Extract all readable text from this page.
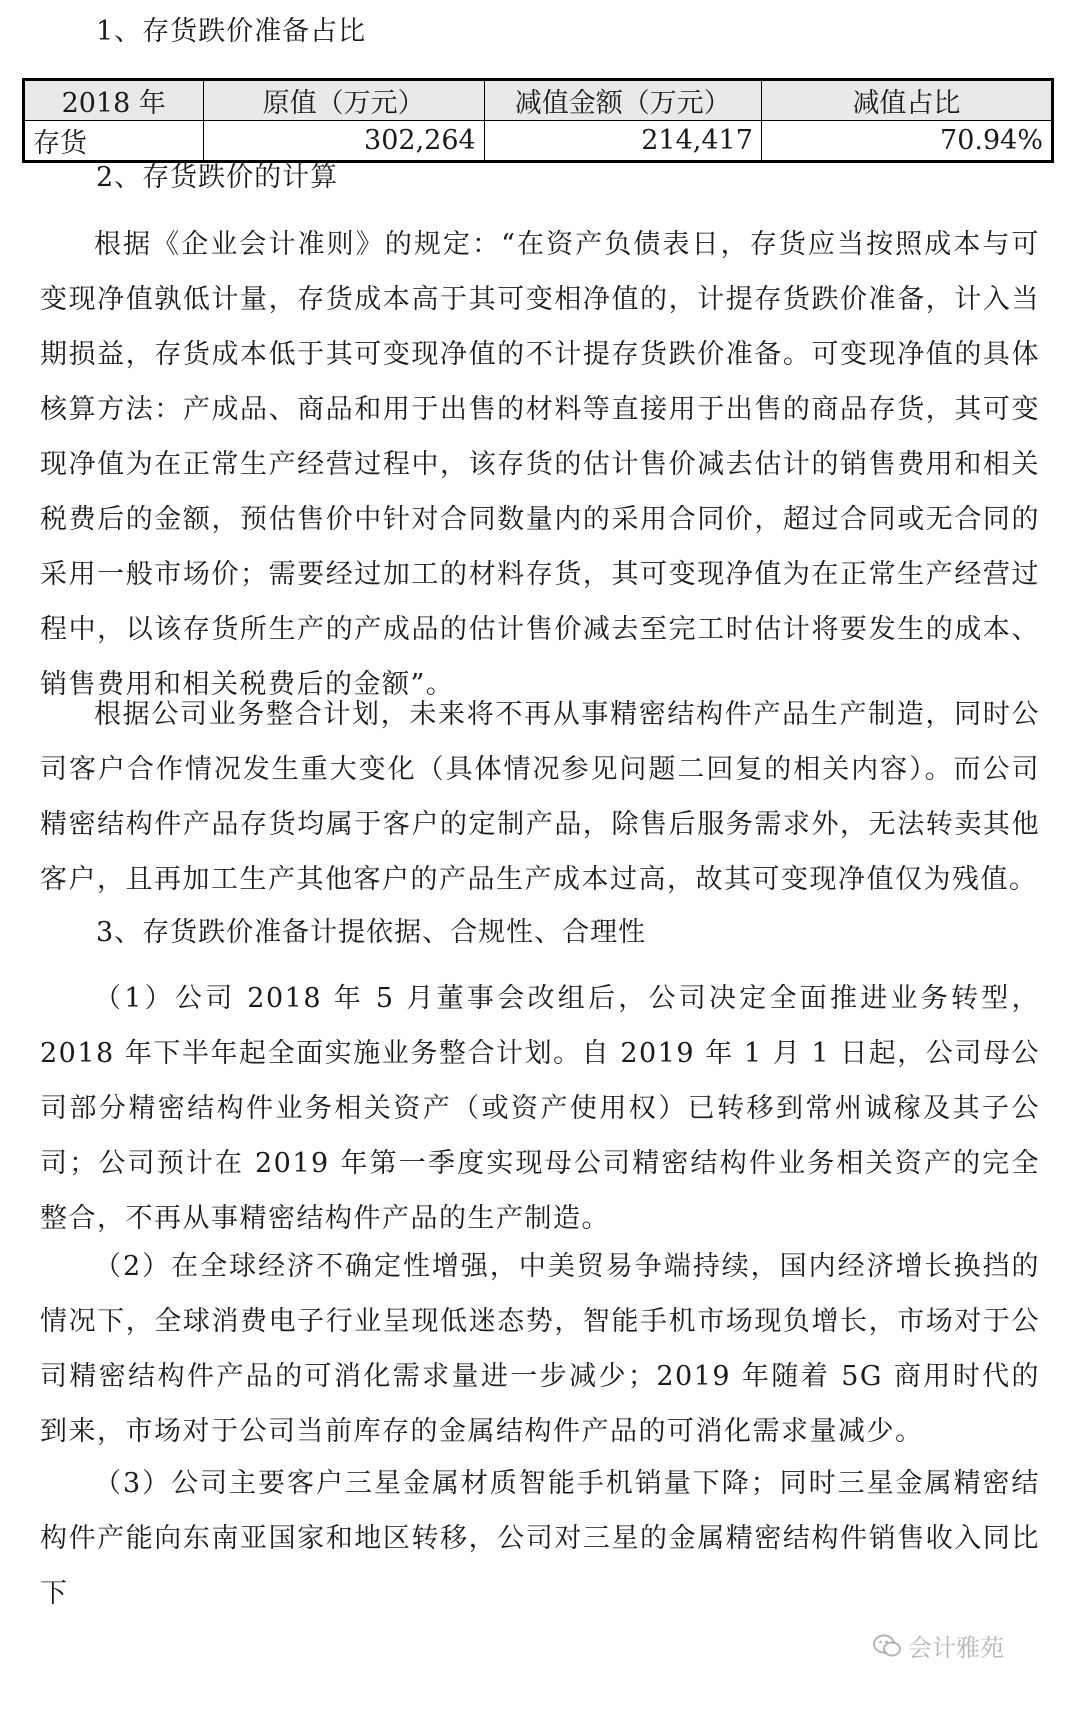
1、存货跌价准备占比
2018 年	原值（万元）	减值金额（万元）	减值占比
存货	302,264	214,417	70.94%
2、存货跌价的计算
根据《企业会计准则》的规定：“在资产负债表日，存货应当按照成本与可变现净值孰低计量，存货成本高于其可变相净值的，计提存货跌价准备，计入当期损益，存货成本低于其可变现净值的不计提存货跌价准备。可变现净值的具体核算方法：产成品、商品和用于出售的材料等直接用于出售的商品存货，其可变现净值为在正常生产经营过程中，该存货的估计售价减去估计的销售费用和相关税费后的金额，预估售价中针对合同数量内的采用合同价，超过合同或无合同的采用一般市场价；需要经过加工的材料存货，其可变现净值为在正常生产经营过程中，以该存货所生产的产成品的估计售价减去至完工时估计将要发生的成本、销售费用和相关税费后的金额”。
根据公司业务整合计划，未来将不再从事精密结构件产品生产制造，同时公司客户合作情况发生重大变化（具体情况参见问题二回复的相关内容）。而公司精密结构件产品存货均属于客户的定制产品，除售后服务需求外，无法转卖其他客户，且再加工生产其他客户的产品生产成本过高，故其可变现净值仅为残值。
3、存货跌价准备计提依据、合规性、合理性
（1）公司 2018 年 5 月董事会改组后，公司决定全面推进业务转型，2018 年下半年起全面实施业务整合计划。自 2019 年 1 月 1 日起，公司母公司部分精密结构件业务相关资产（或资产使用权）已转移到常州诚稼及其子公司；公司预计在 2019 年第一季度实现母公司精密结构件业务相关资产的完全整合，不再从事精密结构件产品的生产制造。
（2）在全球经济不确定性增强，中美贸易争端持续，国内经济增长换挡的情况下，全球消费电子行业呈现低迷态势，智能手机市场现负增长，市场对于公司精密结构件产品的可消化需求量进一步减少；2019 年随着 5G 商用时代的到来，市场对于公司当前库存的金属结构件产品的可消化需求量减少。
（3）公司主要客户三星金属材质智能手机销量下降；同时三星金属精密结构件产能向东南亚国家和地区转移，公司对三星的金属精密结构件销售收入同比下
会计雅苑
